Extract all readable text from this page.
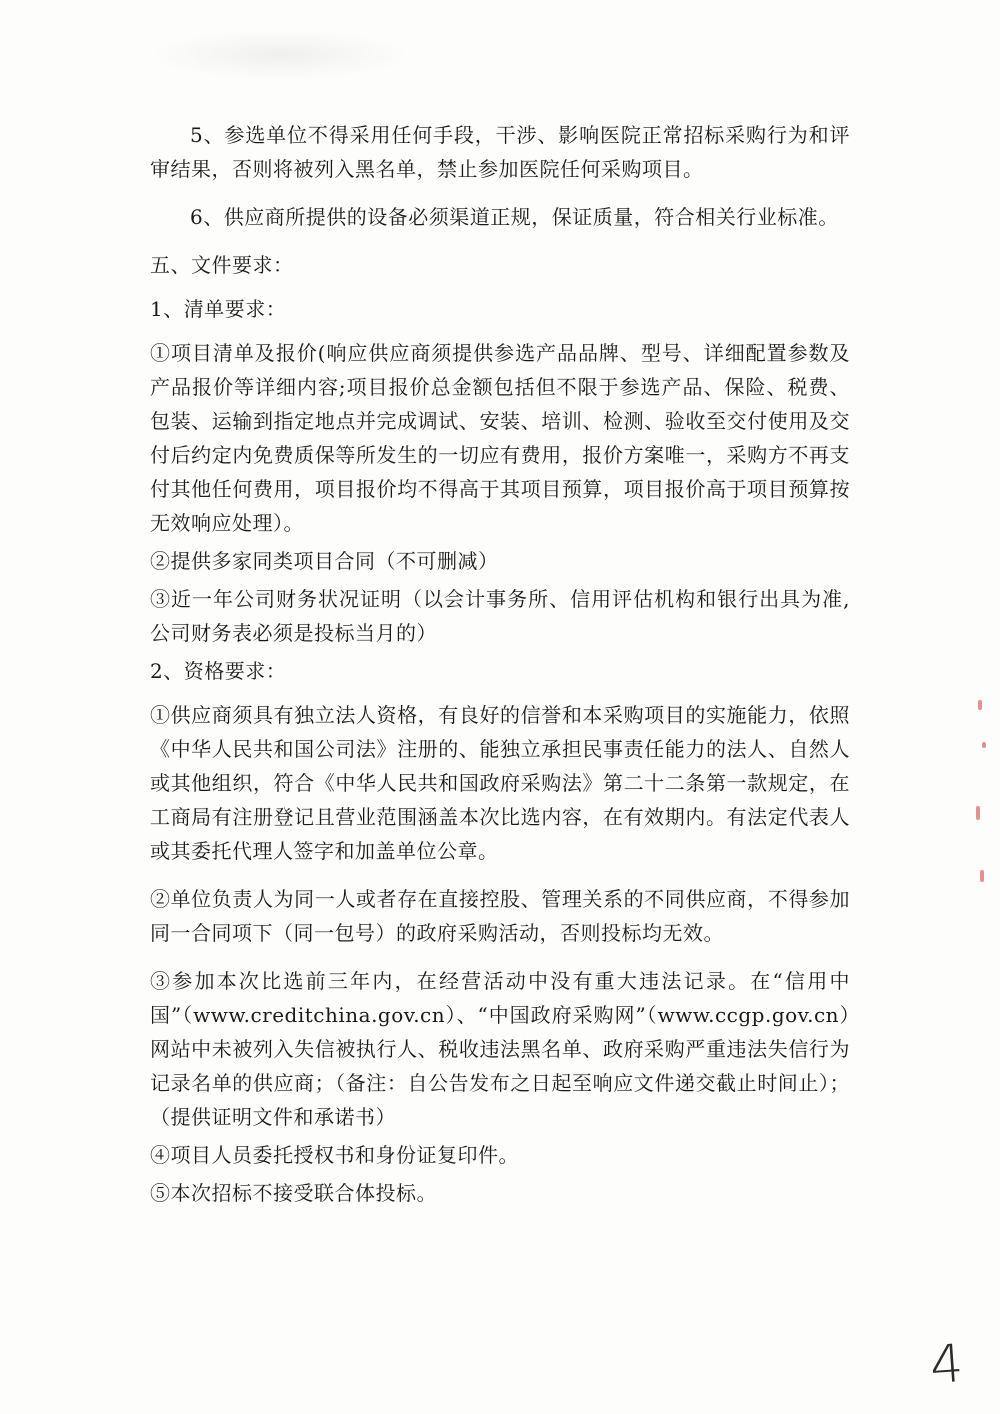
5、参选单位不得采用任何手段，干涉、影响医院正常招标采购行为和评审结果，否则将被列入黑名单，禁止参加医院任何采购项目。

6、供应商所提供的设备必须渠道正规，保证质量，符合相关行业标准。

五、文件要求：

1、清单要求：

①项目清单及报价(响应供应商须提供参选产品品牌、型号、详细配置参数及产品报价等详细内容;项目报价总金额包括但不限于参选产品、保险、税费、包装、运输到指定地点并完成调试、安装、培训、检测、验收至交付使用及交付后约定内免费质保等所发生的一切应有费用，报价方案唯一，采购方不再支付其他任何费用，项目报价均不得高于其项目预算，项目报价高于项目预算按无效响应处理）。

②提供多家同类项目合同（不可删减）

③近一年公司财务状况证明（以会计事务所、信用评估机构和银行出具为准,公司财务表必须是投标当月的）

2、资格要求：

①供应商须具有独立法人资格，有良好的信誉和本采购项目的实施能力，依照《中华人民共和国公司法》注册的、能独立承担民事责任能力的法人、自然人或其他组织，符合《中华人民共和国政府采购法》第二十二条第一款规定，在工商局有注册登记且营业范围涵盖本次比选内容，在有效期内。有法定代表人或其委托代理人签字和加盖单位公章。

②单位负责人为同一人或者存在直接控股、管理关系的不同供应商，不得参加同一合同项下（同一包号）的政府采购活动，否则投标均无效。

③参加本次比选前三年内，在经营活动中没有重大违法记录。在“信用中国”（www.creditchina.gov.cn）、“中国政府采购网”（www.ccgp.gov.cn）网站中未被列入失信被执行人、税收违法黑名单、政府采购严重违法失信行为记录名单的供应商；（备注：自公告发布之日起至响应文件递交截止时间止）；（提供证明文件和承诺书）

④项目人员委托授权书和身份证复印件。

⑤本次招标不接受联合体投标。

4
